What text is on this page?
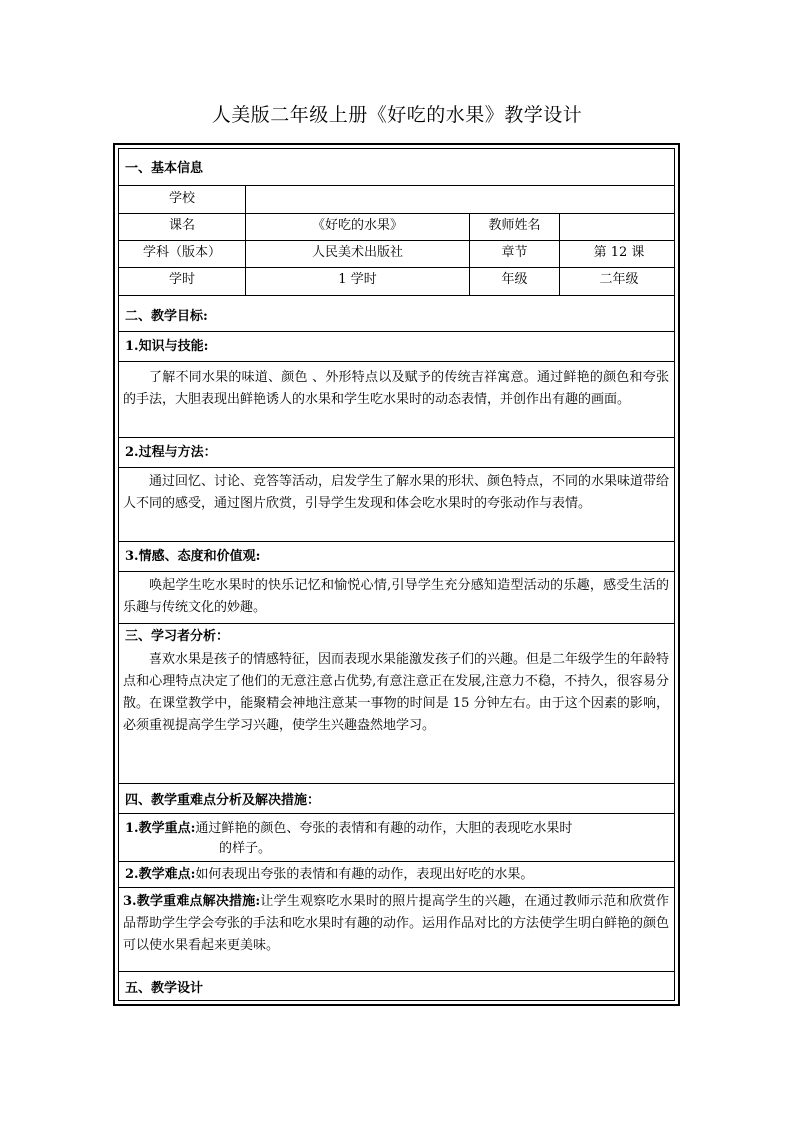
人美版二年级上册《好吃的水果》教学设计
一、基本信息
学校
课名	《好吃的水果》	教师姓名
学科（版本）	人民美术出版社	章节	第 12 课
学时	1 学时	年级	二年级
二、教学目标:
1.知识与技能:
了解不同水果的味道、颜色 、外形特点以及赋予的传统吉祥寓意。通过鲜艳的颜色和夸张的手法，大胆表现出鲜艳诱人的水果和学生吃水果时的动态表情，并创作出有趣的画面。
2.过程与方法：
通过回忆、讨论、竞答等活动，启发学生了解水果的形状、颜色特点，不同的水果味道带给人不同的感受，通过图片欣赏，引导学生发现和体会吃水果时的夸张动作与表情。
3.情感、态度和价值观:
唤起学生吃水果时的快乐记忆和愉悦心情,引导学生充分感知造型活动的乐趣，感受生活的乐趣与传统文化的妙趣。
三、学习者分析：
喜欢水果是孩子的情感特征，因而表现水果能激发孩子们的兴趣。但是二年级学生的年龄特点和心理特点决定了他们的无意注意占优势,有意注意正在发展,注意力不稳，不持久，很容易分散。在课堂教学中，能聚精会神地注意某一事物的时间是 15 分钟左右。由于这个因素的影响，必须重视提高学生学习兴趣，使学生兴趣盎然地学习。
四、教学重难点分析及解决措施：
1.教学重点:通过鲜艳的颜色、夸张的表情和有趣的动作，大胆的表现吃水果时
的样子。
2.教学难点:如何表现出夸张的表情和有趣的动作，表现出好吃的水果。
3.教学重难点解决措施:让学生观察吃水果时的照片提高学生的兴趣，在通过教师示范和欣赏作品帮助学生学会夸张的手法和吃水果时有趣的动作。运用作品对比的方法使学生明白鲜艳的颜色可以使水果看起来更美味。
五、教学设计
